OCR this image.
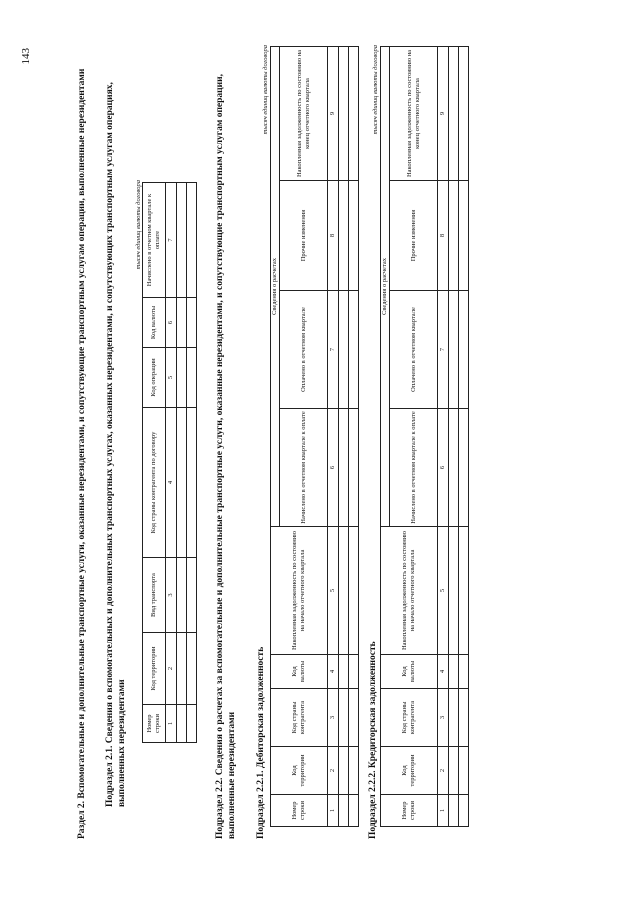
143
Раздел 2. Вспомогательные и дополнительные транспортные услуги, оказанные нерезидентами, и сопутствующие транспортным услугам операции, выполненные нерезидентами Подраздел 2.1. Сведения о вспомогательных и дополнительных транспортных услугах, оказанных нерезидентами, и сопутствующих транспортным услугам операциях, выполненных нерезидентами
тысяч единиц валюты договора
Номер строки	Код территории	Вид транспорта	Код страны контрагента по договору	Код операции	Код валюты	Начислено в отчетном квартале к оплате
1	2	3	4	5	6	7

							Подраздел 2.2. Сведения о расчетах за вспомогательные и дополнительные транспортные услуги, оказанные нерезидентами, и сопутствующие транспортным услугам операции, выполненные нерезидентами Подраздел 2.2.1. Дебиторская задолженность
тысяч единиц валюты договора
Номер строки	Код территории	Код страны контрагента	Код валюты	Накопленная задолженность по состоянию на начало отчетного квартала	Сведения о расчетах			
					Начислено в отчетном квартале к оплате	Оплачено в отчетном квартале	Прочие изменения	Накопленная задолженность по состоянию на конец отчетного квартала
1	2	3	4	5	6	7	8	9

Подраздел 2.2.2. Кредиторская задолженность
тысяч единиц валюты договора
Номер строки	Код территории	Код страны контрагента	Код валюты	Накопленная задолженность по состоянию на начало отчетного квартала	Сведения о расчетах			
					Начислено в отчетном квартале к оплате	Оплачено в отчетном квартале	Прочие изменения	Накопленная задолженность по состоянию на конец отчетного квартала
1	2	3	4	5	6	7	8	9
